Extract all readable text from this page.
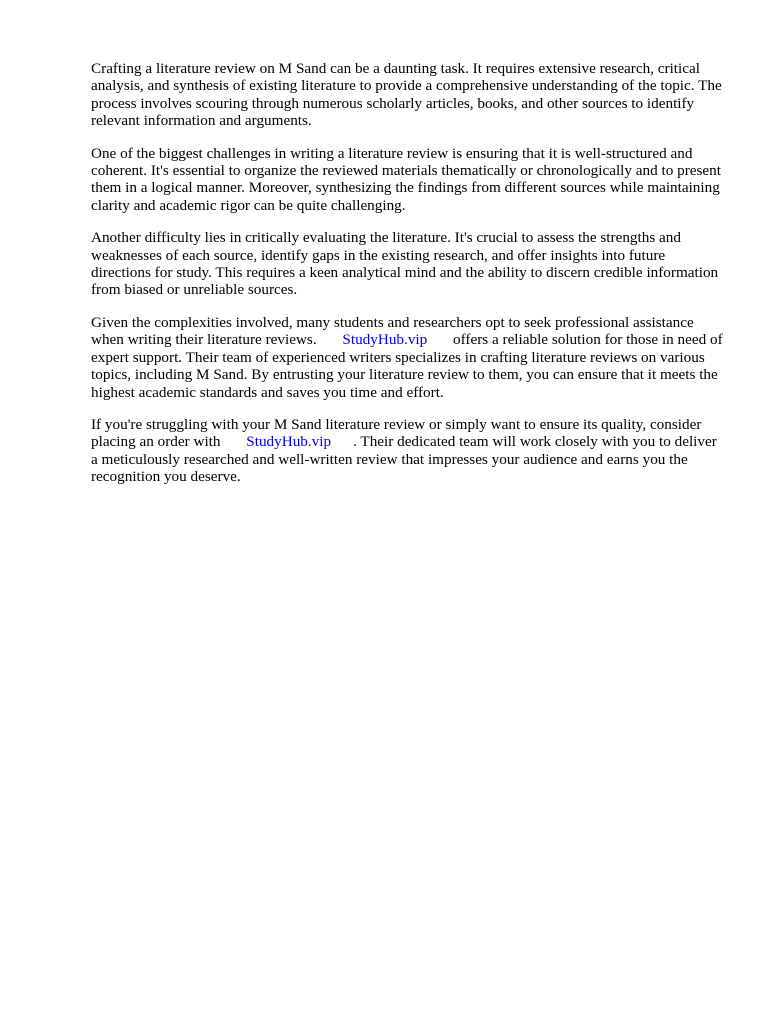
Crafting a literature review on M Sand can be a daunting task. It requires extensive research, critical analysis, and synthesis of existing literature to provide a comprehensive understanding of the topic. The process involves scouring through numerous scholarly articles, books, and other sources to identify relevant information and arguments.

One of the biggest challenges in writing a literature review is ensuring that it is well-structured and coherent. It's essential to organize the reviewed materials thematically or chronologically and to present them in a logical manner. Moreover, synthesizing the findings from different sources while maintaining clarity and academic rigor can be quite challenging.

Another difficulty lies in critically evaluating the literature. It's crucial to assess the strengths and weaknesses of each source, identify gaps in the existing research, and offer insights into future directions for study. This requires a keen analytical mind and the ability to discern credible information from biased or unreliable sources.

Given the complexities involved, many students and researchers opt to seek professional assistance when writing their literature reviews. StudyHub.vip offers a reliable solution for those in need of expert support. Their team of experienced writers specializes in crafting literature reviews on various topics, including M Sand. By entrusting your literature review to them, you can ensure that it meets the highest academic standards and saves you time and effort.

If you're struggling with your M Sand literature review or simply want to ensure its quality, consider placing an order with StudyHub.vip . Their dedicated team will work closely with you to deliver a meticulously researched and well-written review that impresses your audience and earns you the recognition you deserve.
